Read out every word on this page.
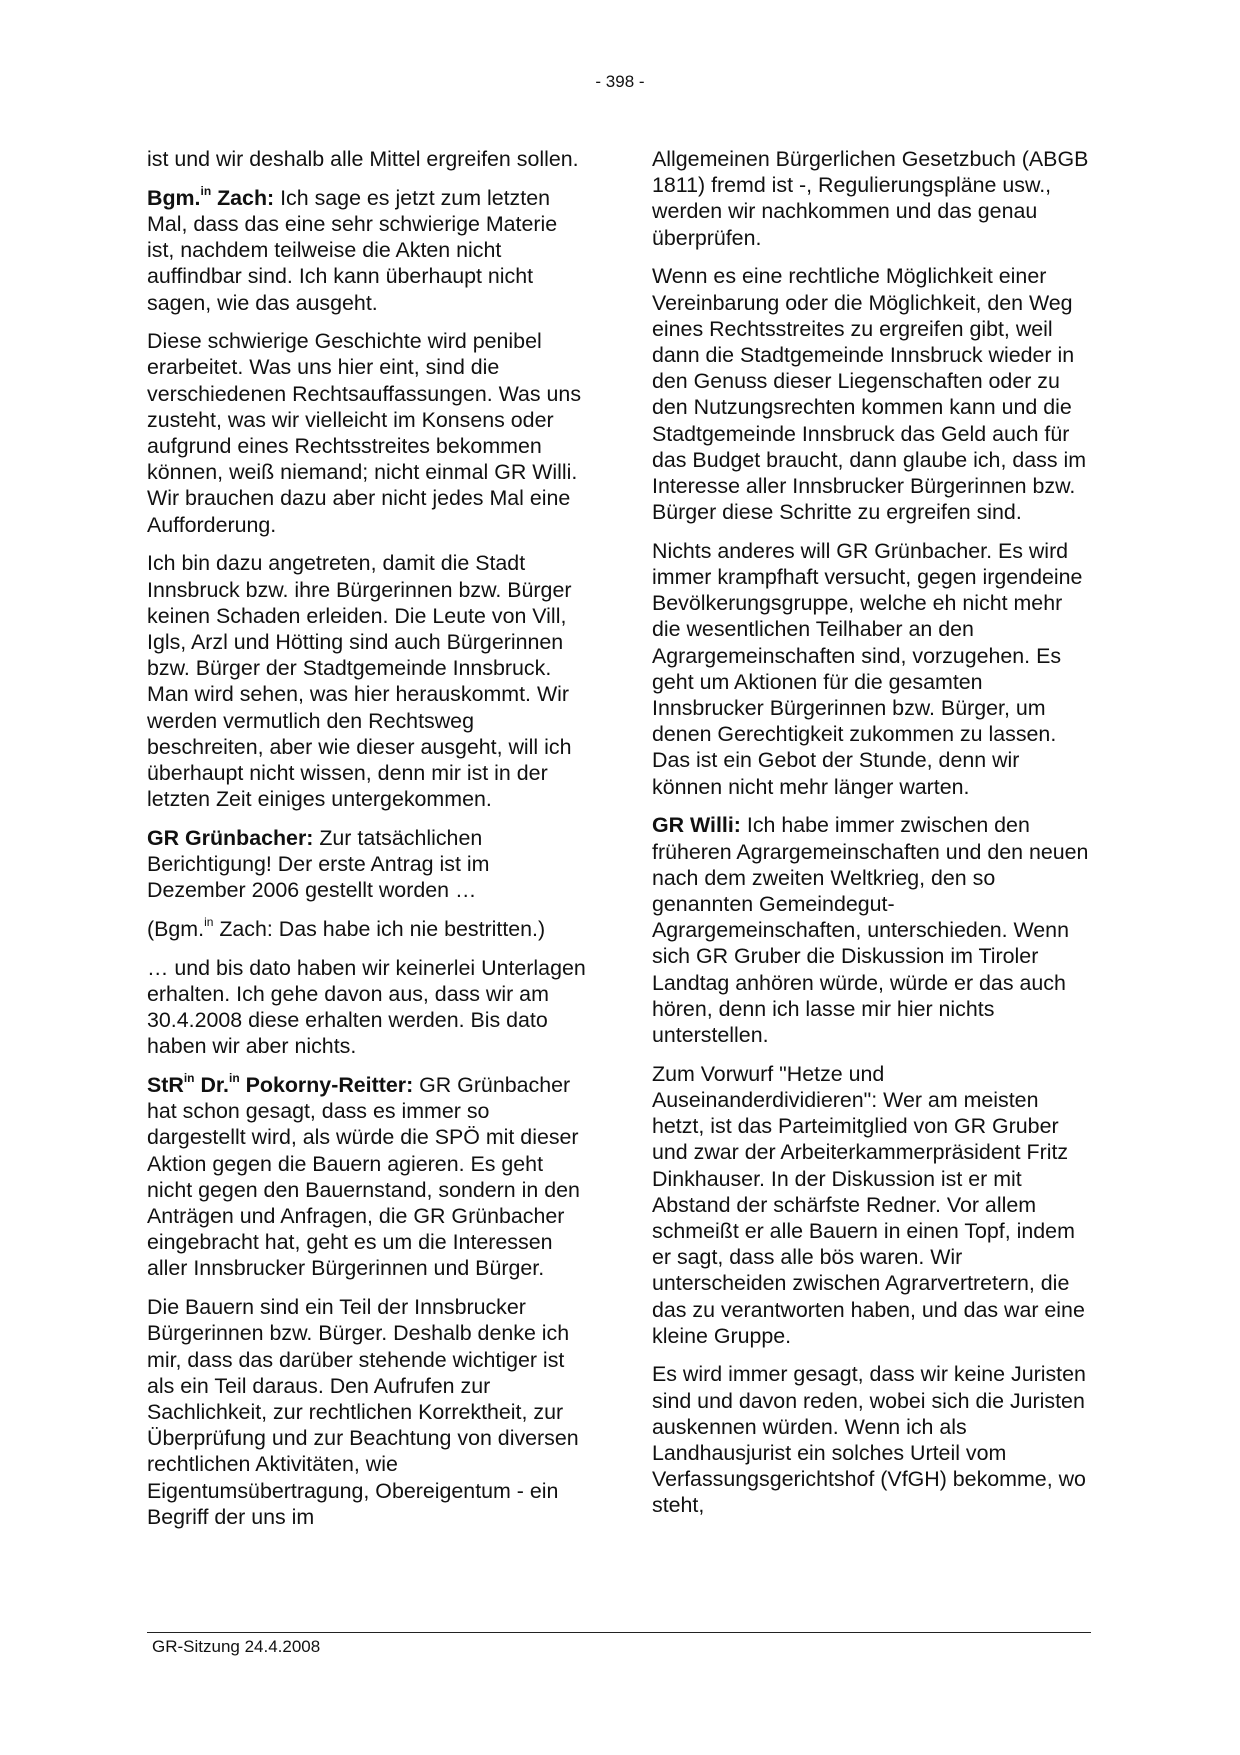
- 398 -

ist und wir deshalb alle Mittel ergreifen sollen.

Bgm.$^{in}$ Zach: Ich sage es jetzt zum letzten Mal, dass das eine sehr schwierige Materie ist, nachdem teilweise die Akten nicht auffindbar sind. Ich kann überhaupt nicht sagen, wie das ausgeht.

Diese schwierige Geschichte wird penibel erarbeitet. Was uns hier eint, sind die verschiedenen Rechtsauffassungen. Was uns zusteht, was wir vielleicht im Konsens oder aufgrund eines Rechtsstreites bekommen können, weiß niemand; nicht einmal GR Willi. Wir brauchen dazu aber nicht jedes Mal eine Aufforderung.

Ich bin dazu angetreten, damit die Stadt Innsbruck bzw. ihre Bürgerinnen bzw. Bürger keinen Schaden erleiden. Die Leute von Vill, Igls, Arzl und Hötting sind auch Bürgerinnen bzw. Bürger der Stadtgemeinde Innsbruck. Man wird sehen, was hier herauskommt. Wir werden vermutlich den Rechtsweg beschreiten, aber wie dieser ausgeht, will ich überhaupt nicht wissen, denn mir ist in der letzten Zeit einiges untergekommen.

GR Grünbacher: Zur tatsächlichen Berichtigung! Der erste Antrag ist im Dezember 2006 gestellt worden …

(Bgm.$^{in}$ Zach: Das habe ich nie bestritten.)

… und bis dato haben wir keinerlei Unterlagen erhalten. Ich gehe davon aus, dass wir am 30.4.2008 diese erhalten werden. Bis dato haben wir aber nichts.

StR$^{in}$ Dr.$^{in}$ Pokorny-Reitter: GR Grünbacher hat schon gesagt, dass es immer so dargestellt wird, als würde die SPÖ mit dieser Aktion gegen die Bauern agieren. Es geht nicht gegen den Bauernstand, sondern in den Anträgen und Anfragen, die GR Grünbacher eingebracht hat, geht es um die Interessen aller Innsbrucker Bürgerinnen und Bürger.

Die Bauern sind ein Teil der Innsbrucker Bürgerinnen bzw. Bürger. Deshalb denke ich mir, dass das darüber stehende wichtiger ist als ein Teil daraus. Den Aufrufen zur Sachlichkeit, zur rechtlichen Korrektheit, zur Überprüfung und zur Beachtung von diversen rechtlichen Aktivitäten, wie Eigentumsübertragung, Obereigentum - ein Begriff der uns im

Allgemeinen Bürgerlichen Gesetzbuch (ABGB 1811) fremd ist -, Regulierungspläne usw., werden wir nachkommen und das genau überprüfen.

Wenn es eine rechtliche Möglichkeit einer Vereinbarung oder die Möglichkeit, den Weg eines Rechtsstreites zu ergreifen gibt, weil dann die Stadtgemeinde Innsbruck wieder in den Genuss dieser Liegenschaften oder zu den Nutzungsrechten kommen kann und die Stadtgemeinde Innsbruck das Geld auch für das Budget braucht, dann glaube ich, dass im Interesse aller Innsbrucker Bürgerinnen bzw. Bürger diese Schritte zu ergreifen sind.

Nichts anderes will GR Grünbacher. Es wird immer krampfhaft versucht, gegen irgendeine Bevölkerungsgruppe, welche eh nicht mehr die wesentlichen Teilhaber an den Agrargemeinschaften sind, vorzugehen. Es geht um Aktionen für die gesamten Innsbrucker Bürgerinnen bzw. Bürger, um denen Gerechtigkeit zukommen zu lassen. Das ist ein Gebot der Stunde, denn wir können nicht mehr länger warten.

GR Willi: Ich habe immer zwischen den früheren Agrargemeinschaften und den neuen nach dem zweiten Weltkrieg, den so genannten Gemeindegut-Agrargemeinschaften, unterschieden. Wenn sich GR Gruber die Diskussion im Tiroler Landtag anhören würde, würde er das auch hören, denn ich lasse mir hier nichts unterstellen.

Zum Vorwurf "Hetze und Auseinanderdividieren": Wer am meisten hetzt, ist das Parteimitglied von GR Gruber und zwar der Arbeiterkammerpräsident Fritz Dinkhauser. In der Diskussion ist er mit Abstand der schärfste Redner. Vor allem schmeißt er alle Bauern in einen Topf, indem er sagt, dass alle bös waren. Wir unterscheiden zwischen Agrarvertretern, die das zu verantworten haben, und das war eine kleine Gruppe.

Es wird immer gesagt, dass wir keine Juristen sind und davon reden, wobei sich die Juristen auskennen würden. Wenn ich als Landhausjurist ein solches Urteil vom Verfassungsgerichtshof (VfGH) bekomme, wo steht,

GR-Sitzung 24.4.2008
